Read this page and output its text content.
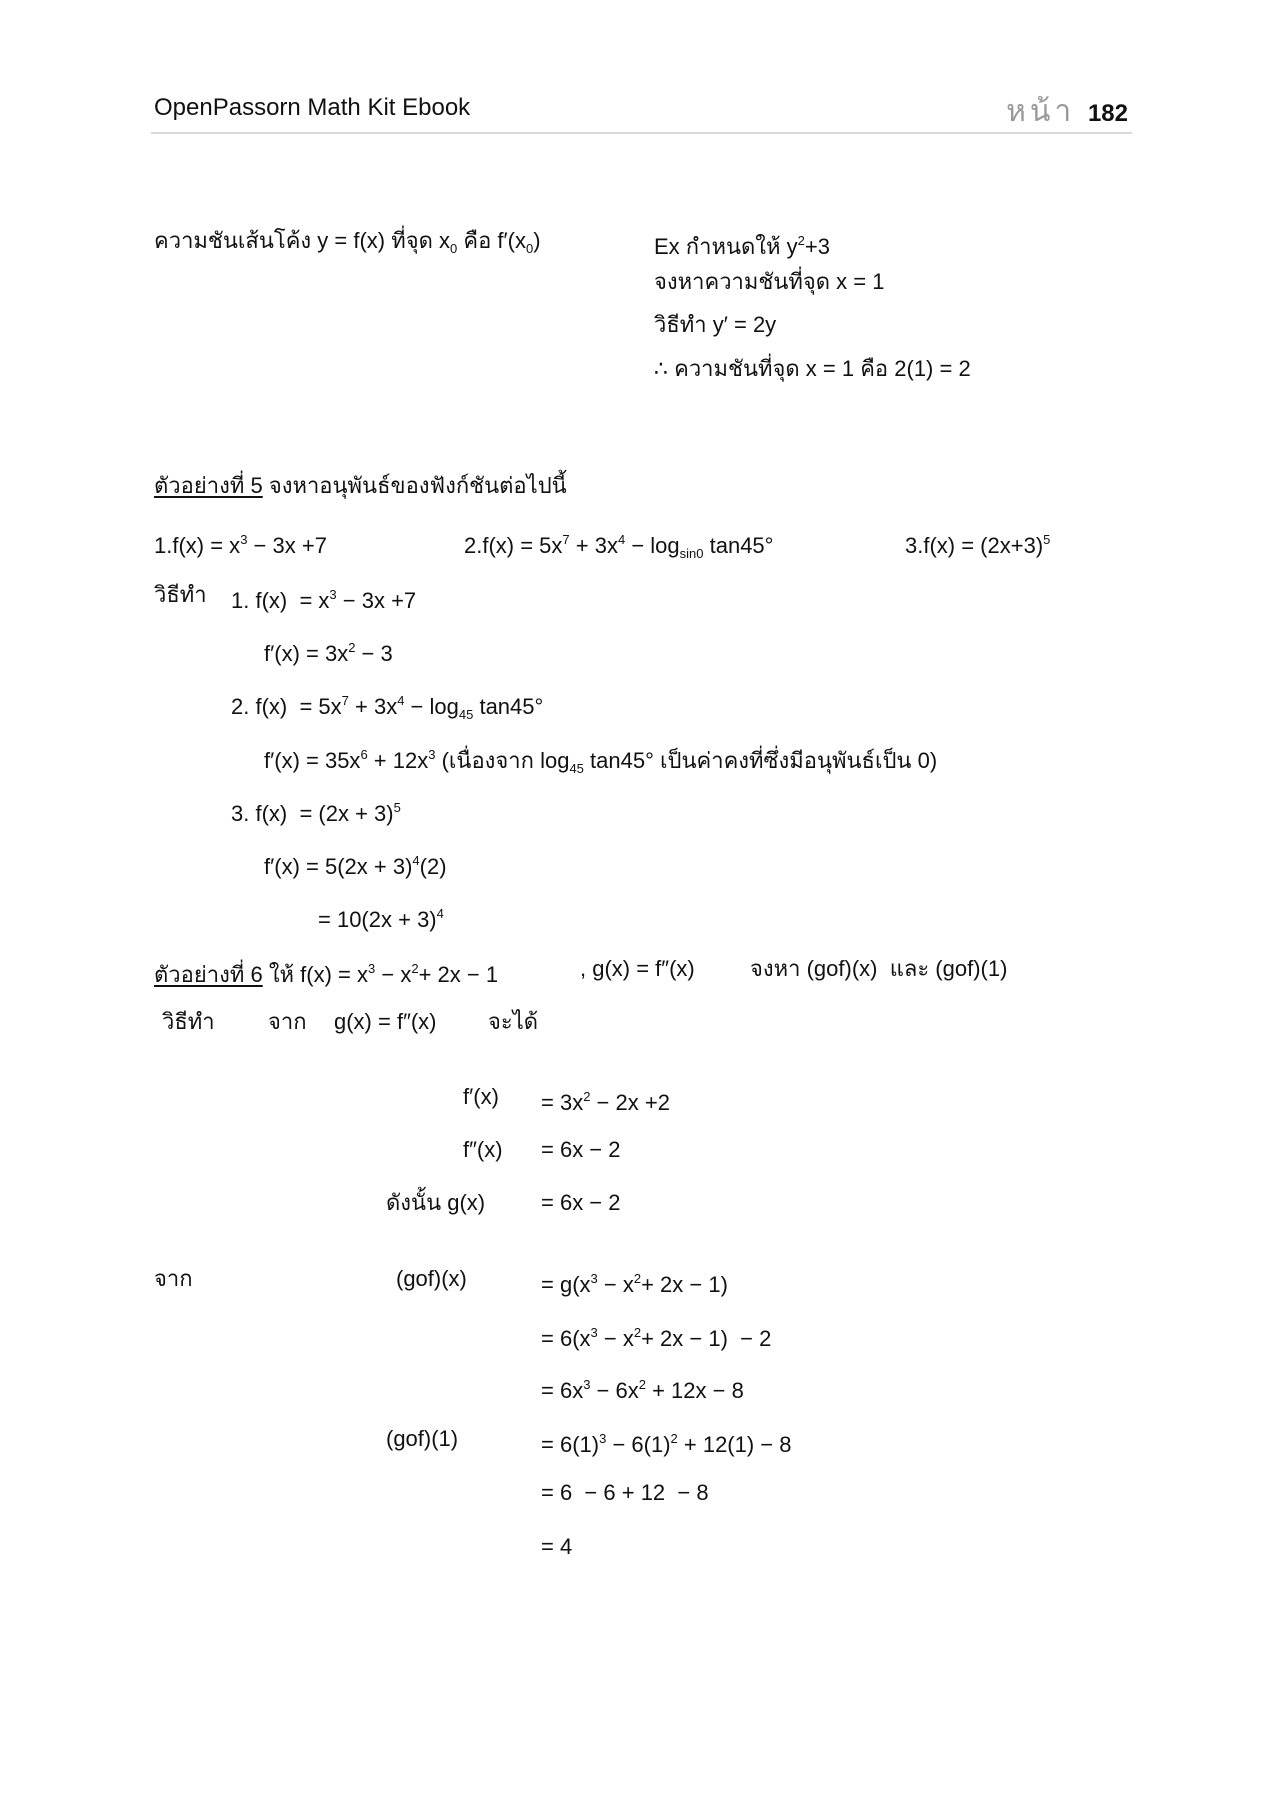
OpenPassorn Math Kit Ebook	หน้า 182
ความชันเส้นโค้ง y = f(x) ที่จุด $x_0$ คือ $f'(x_0)$	Ex กำหนดให้ $y^2+3$
จงหาความชันที่จุด x = 1
วิธีทำ y′ = 2y
∴ ความชันที่จุด x = 1 คือ 2(1) = 2
ตัวอย่างที่ 5 จงหาอนุพันธ์ของฟังก์ชันต่อไปนี้
$1.f(x) = x^3 - 3x +7$	$2.f(x) = 5x^7 + 3x^4 - \log_{sin0} \tan 45^\circ$	$3.f(x) = (2x+3)^5$
วิธีทำ 1. $f(x) = x^3 - 3x +7$
$f'(x) = 3x^2 - 3$
2. $f(x) = 5x^7 + 3x^4 - \log_{45} \tan 45^\circ$
$f'(x) = 35x^6 + 12x^3$ (เนื่องจาก $\log_{45} \tan 45^\circ$ เป็นค่าคงที่ซึ่งมีอนุพันธ์เป็น 0)
3. $f(x) = (2x + 3)^5$
$f'(x) = 5(2x + 3)^4(2)$
= $10(2x + 3)^4$
ตัวอย่างที่ 6 ให้ $f(x) = x^3 - x^2+ 2x - 1$	, g(x) = f″(x)	จงหา (gof)(x)  และ (gof)(1)
วิธีทำ จาก g(x) = f″(x) จะได้
$f'(x) = 3x^2 - 2x +2$
f″(x) = 6x − 2
ดังนั้น g(x)	= 6x − 2
จาก	(gof)(x)	= $g(x^3 - x^2+ 2x - 1)$
= $6(x^3 - x^2+ 2x - 1) - 2$
= $6x^3 - 6x^2 + 12x - 8$
(gof)(1)	= $6(1)^3 - 6(1)^2 + 12(1) - 8$
= 6  − 6 + 12  − 8
= 4
